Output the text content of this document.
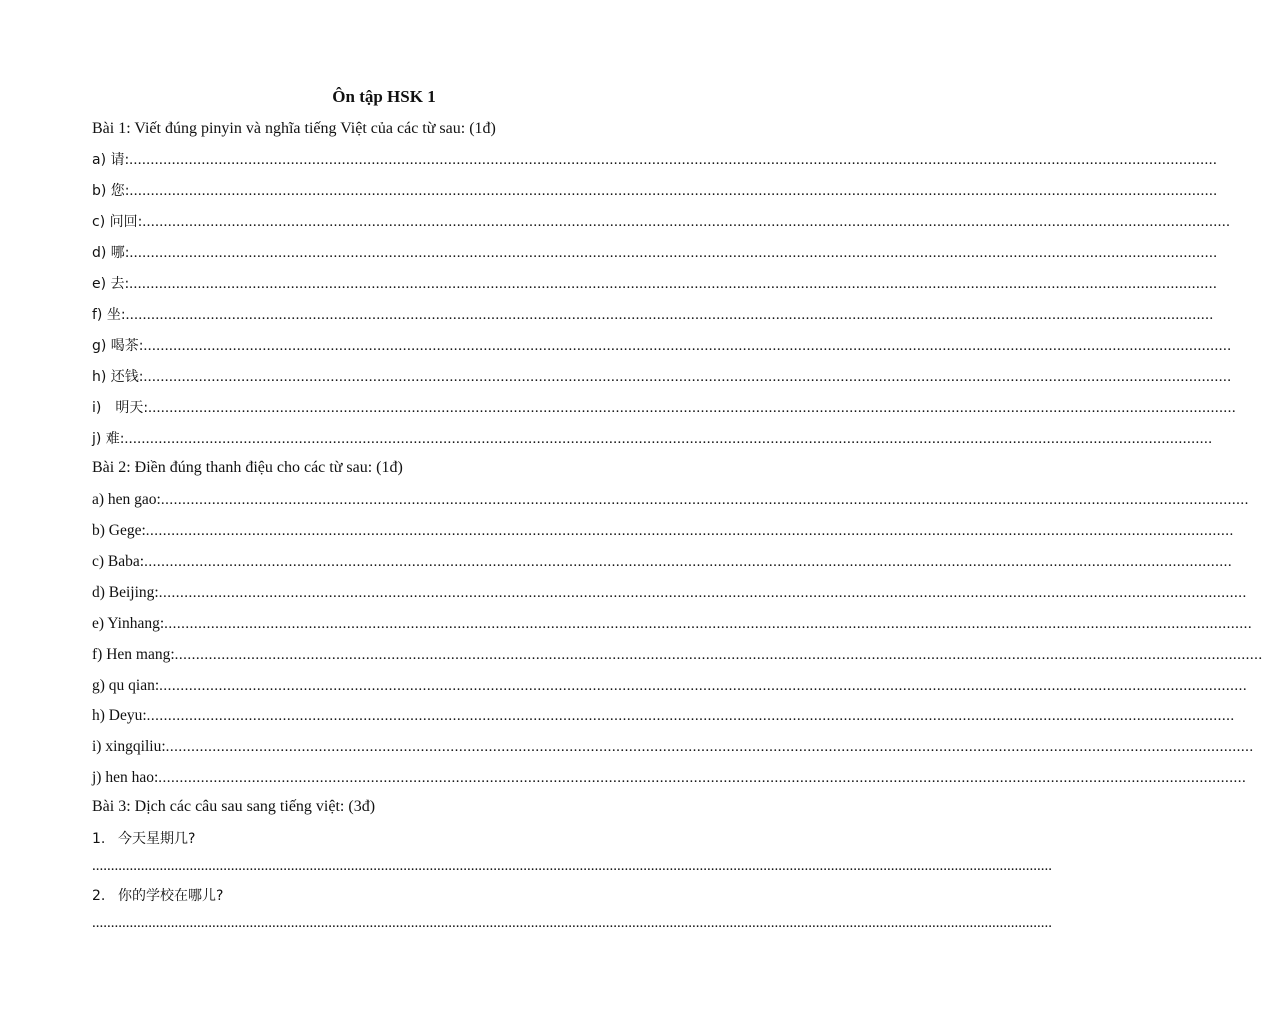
Ôn tập HSK 1
Bài 1: Viết đúng pinyin và nghĩa tiếng Việt của các từ sau: (1đ)
a) 请: ................................................................................................................................................................................................................................................................
b) 您: ................................................................................................................................................................................................................................................................
c) 问回: ................................................................................................................................................................................................................................................................
d) 哪: ................................................................................................................................................................................................................................................................
e) 去: ................................................................................................................................................................................................................................................................
f) 坐: ................................................................................................................................................................................................................................................................
g) 喝茶: ................................................................................................................................................................................................................................................................
h) 还钱: ................................................................................................................................................................................................................................................................
i)　明天: ................................................................................................................................................................................................................................................................
j) 难: ................................................................................................................................................................................................................................................................
Bài 2: Điền đúng thanh điệu cho các từ sau: (1đ)
a) hen gao: ................................................................................................................................................................................................................................................................
b) Gege: ................................................................................................................................................................................................................................................................
c) Baba: ................................................................................................................................................................................................................................................................
d) Beijing: ................................................................................................................................................................................................................................................................
e) Yinhang: ................................................................................................................................................................................................................................................................
f) Hen mang: ................................................................................................................................................................................................................................................................
g) qu qian: ................................................................................................................................................................................................................................................................
h) Deyu: ................................................................................................................................................................................................................................................................
i) xingqiliu: ................................................................................................................................................................................................................................................................
j) hen hao: ................................................................................................................................................................................................................................................................
Bài 3: Dịch các câu sau sang tiếng việt: (3đ)
1. 今天星期几?
................................................................................................................................................................................................................................................................
2. 你的学校在哪儿?
................................................................................................................................................................................................................................................................
